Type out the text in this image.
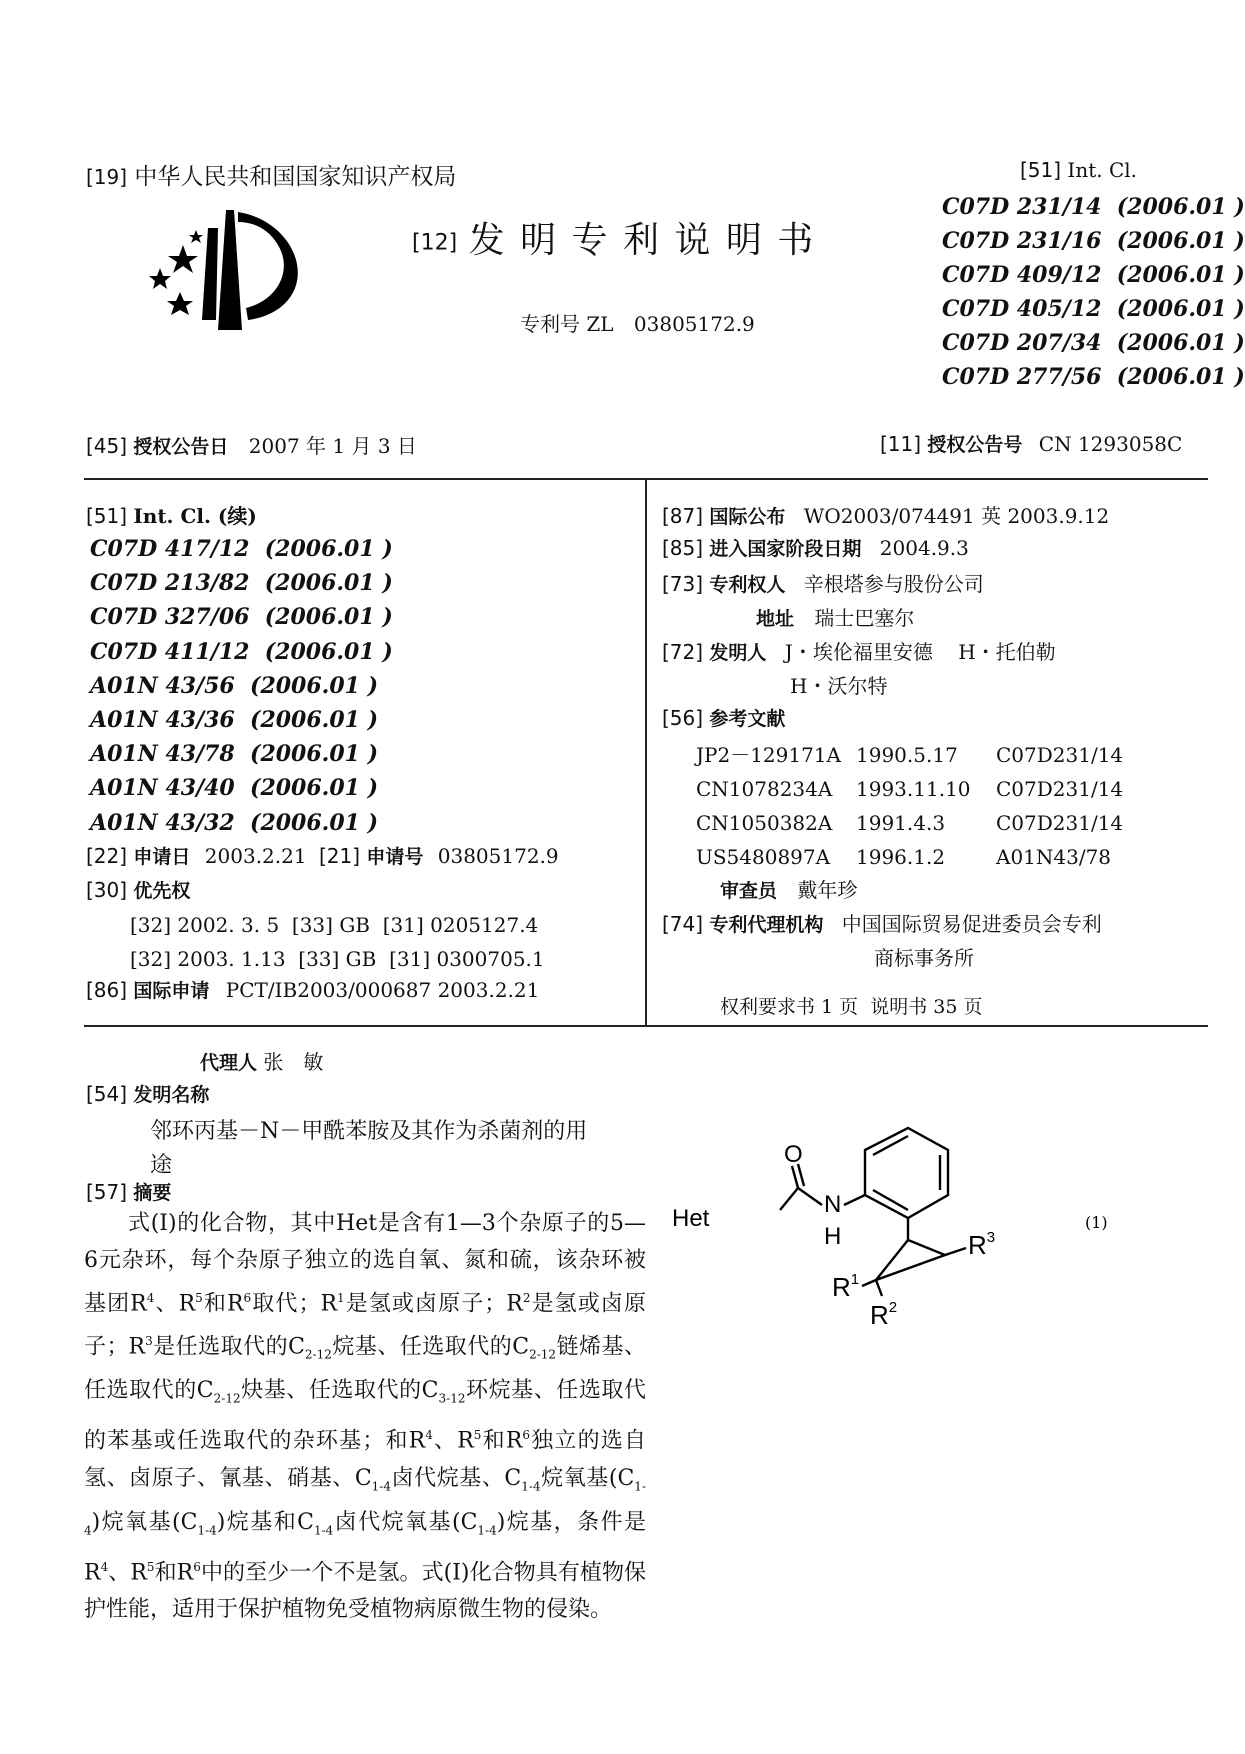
[19] 中华人民共和国国家知识产权局
[12] 发 明 专 利 说 明 书
专利号 ZL 03805172.9
[51] Int. Cl.
C07D 231/14  (2006.01 )
C07D 231/16  (2006.01 )
C07D 409/12  (2006.01 )
C07D 405/12  (2006.01 )
C07D 207/34  (2006.01 )
C07D 277/56  (2006.01 )
[45] 授权公告日 2007 年 1 月 3 日	[11] 授权公告号 CN 1293058C
[51] Int. Cl. (续)
C07D 417/12  (2006.01 )
C07D 213/82  (2006.01 )
C07D 327/06  (2006.01 )
C07D 411/12  (2006.01 )
A01N 43/56  (2006.01 )
A01N 43/36  (2006.01 )
A01N 43/78  (2006.01 )
A01N 43/40  (2006.01 )
A01N 43/32  (2006.01 )
[22] 申请日 2003.2.21 [21] 申请号 03805172.9
[30] 优先权
[32] 2002. 3. 5  [33] GB  [31] 0205127.4
[32] 2003. 1.13  [33] GB  [31] 0300705.1
[86] 国际申请 PCT/IB2003/000687 2003.2.21
[87] 国际公布 WO2003/074491 英 2003.9.12
[85] 进入国家阶段日期 2004.9.3
[73] 专利权人 辛根塔参与股份公司
地址 瑞士巴塞尔
[72] 发明人 J・埃伦福里安德    H・托伯勒
H・沃尔特
[56] 参考文献
JP2－129171A 1990.5.17	C07D231/14
CN1078234A	1993.11.10	C07D231/14
CN1050382A	1991.4.3	C07D231/14
US5480897A	1996.1.2	A01N43/78
审查员 戴年珍
[74] 专利代理机构 中国国际贸易促进委员会专利
商标事务所
权利要求书 1 页  说明书 35 页
代理人 张　敏
[54] 发明名称
邻环丙基－N－甲酰苯胺及其作为杀菌剂的用
途
[57] 摘要

式(I)的化合物，其中Het是含有1—3个杂原子的5—6元杂环，每个杂原子独立的选自氧、氮和硫，该杂环被基团$R^4$、$R^5$和$R^6$取代；$R^1$是氢或卤原子；$R^2$是氢或卤原子；$R^3$是任选取代的$C_{2-12}$烷基、任选取代的$C_{2-12}$链烯基、任选取代的$C_{2-12}$炔基、任选取代的$C_{3-12}$环烷基、任选取代的苯基或任选取代的杂环基；和$R^4$、$R^5$和$R^6$独立的选自氢、卤原子、氰基、硝基、$C_{1-4}$卤代烷基、$C_{1-4}$烷氧基$(C_{1-4})$烷氧基$(C_{1-4})$烷基和$C_{1-4}$卤代烷氧基$(C_{1-4})$烷基，条件是$R^4$、$R^5$和$R^6$中的至少一个不是氢。式(I)化合物具有植物保护性能，适用于保护植物免受植物病原微生物的侵染。

O
Het
N
H	$R^3$
$R^1$
$R^2$
(1)
